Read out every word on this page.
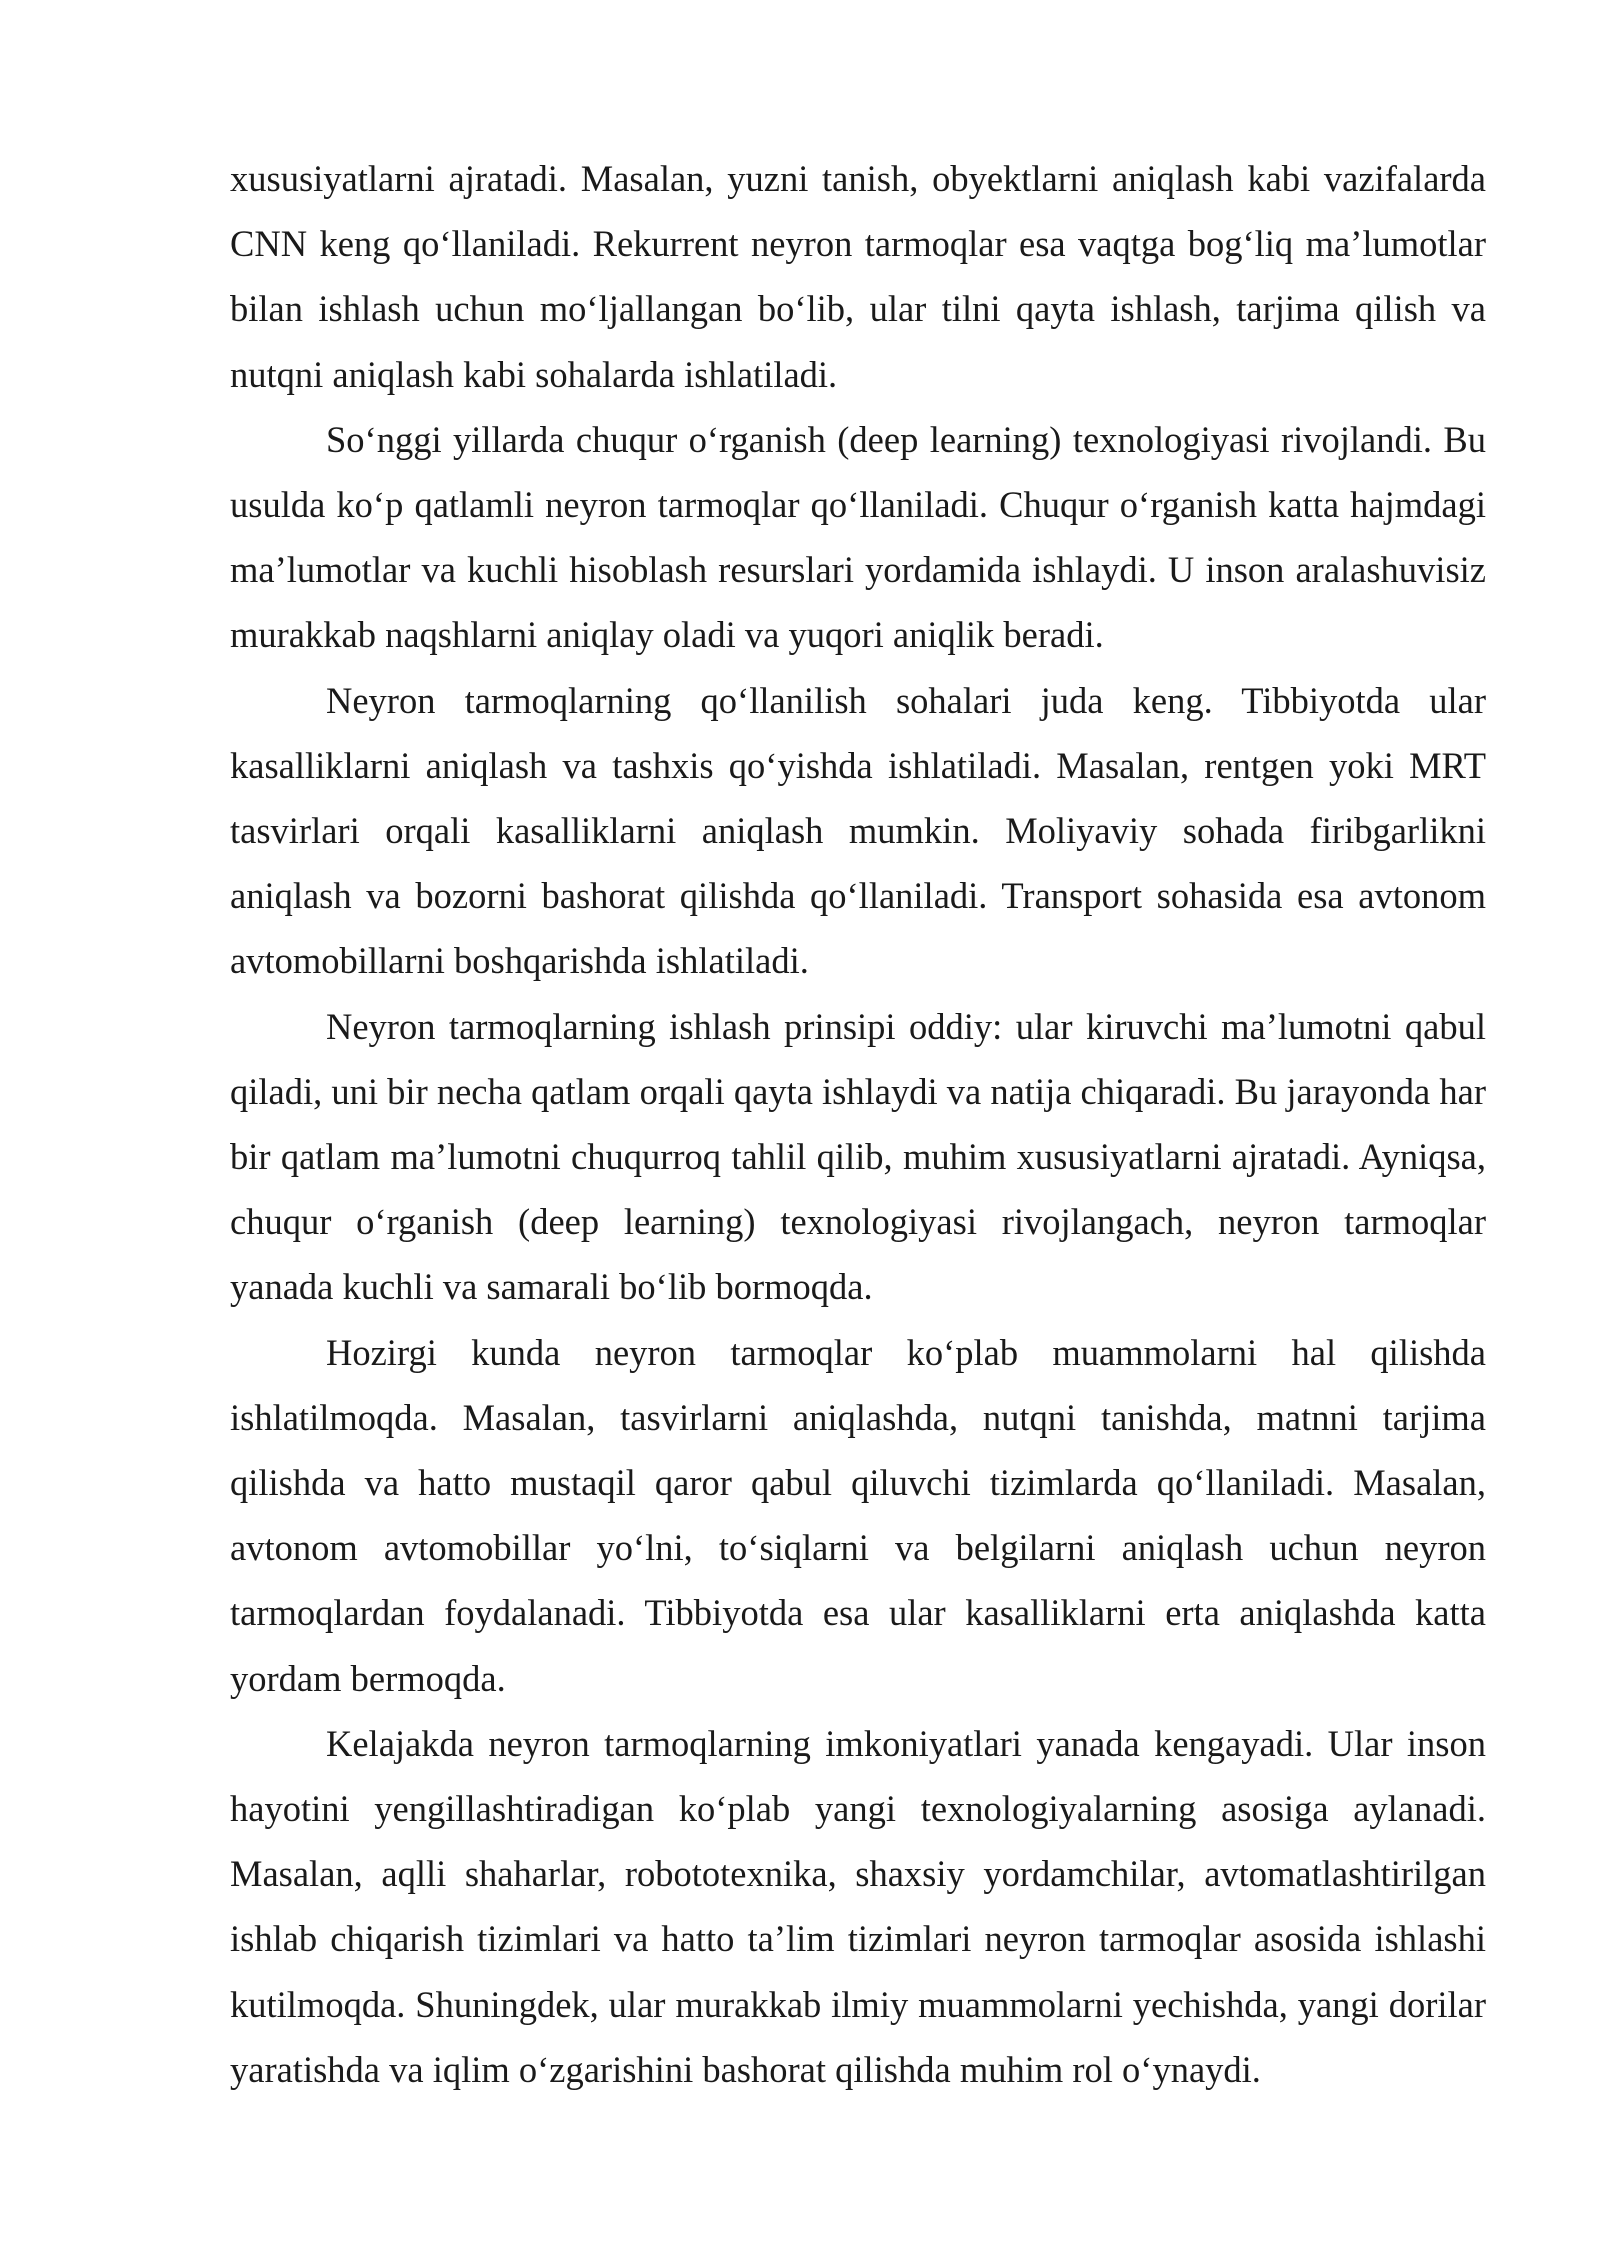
xususiyatlarni ajratadi. Masalan, yuzni tanish, obyektlarni aniqlash kabi vazifalarda CNN keng qo‘llaniladi. Rekurrent neyron tarmoqlar esa vaqtga bog‘liq ma’lumotlar bilan ishlash uchun mo‘ljallangan bo‘lib, ular tilni qayta ishlash, tarjima qilish va nutqni aniqlash kabi sohalarda ishlatiladi.

So‘nggi yillarda chuqur o‘rganish (deep learning) texnologiyasi rivojlandi. Bu usulda ko‘p qatlamli neyron tarmoqlar qo‘llaniladi. Chuqur o‘rganish katta hajmdagi ma’lumotlar va kuchli hisoblash resurslari yordamida ishlaydi. U inson aralashuvisiz murakkab naqshlarni aniqlay oladi va yuqori aniqlik beradi.

Neyron tarmoqlarning qo‘llanilish sohalari juda keng. Tibbiyotda ular kasalliklarni aniqlash va tashxis qo‘yishda ishlatiladi. Masalan, rentgen yoki MRT tasvirlari orqali kasalliklarni aniqlash mumkin. Moliyaviy sohada firibgarlikni aniqlash va bozorni bashorat qilishda qo‘llaniladi. Transport sohasida esa avtonom avtomobillarni boshqarishda ishlatiladi.

Neyron tarmoqlarning ishlash prinsipi oddiy: ular kiruvchi ma’lumotni qabul qiladi, uni bir necha qatlam orqali qayta ishlaydi va natija chiqaradi. Bu jarayonda har bir qatlam ma’lumotni chuqurroq tahlil qilib, muhim xususiyatlarni ajratadi. Ayniqsa, chuqur o‘rganish (deep learning) texnologiyasi rivojlangach, neyron tarmoqlar yanada kuchli va samarali bo‘lib bormoqda.

Hozirgi kunda neyron tarmoqlar ko‘plab muammolarni hal qilishda ishlatilmoqda. Masalan, tasvirlarni aniqlashda, nutqni tanishda, matnni tarjima qilishda va hatto mustaqil qaror qabul qiluvchi tizimlarda qo‘llaniladi. Masalan, avtonom avtomobillar yo‘lni, to‘siqlarni va belgilarni aniqlash uchun neyron tarmoqlardan foydalanadi. Tibbiyotda esa ular kasalliklarni erta aniqlashda katta yordam bermoqda.

Kelajakda neyron tarmoqlarning imkoniyatlari yanada kengayadi. Ular inson hayotini yengillashtiradigan ko‘plab yangi texnologiyalarning asosiga aylanadi. Masalan, aqlli shaharlar, robototexnika, shaxsiy yordamchilar, avtomatlashtirilgan ishlab chiqarish tizimlari va hatto ta’lim tizimlari neyron tarmoqlar asosida ishlashi kutilmoqda. Shuningdek, ular murakkab ilmiy muammolarni yechishda, yangi dorilar yaratishda va iqlim o‘zgarishini bashorat qilishda muhim rol o‘ynaydi.
